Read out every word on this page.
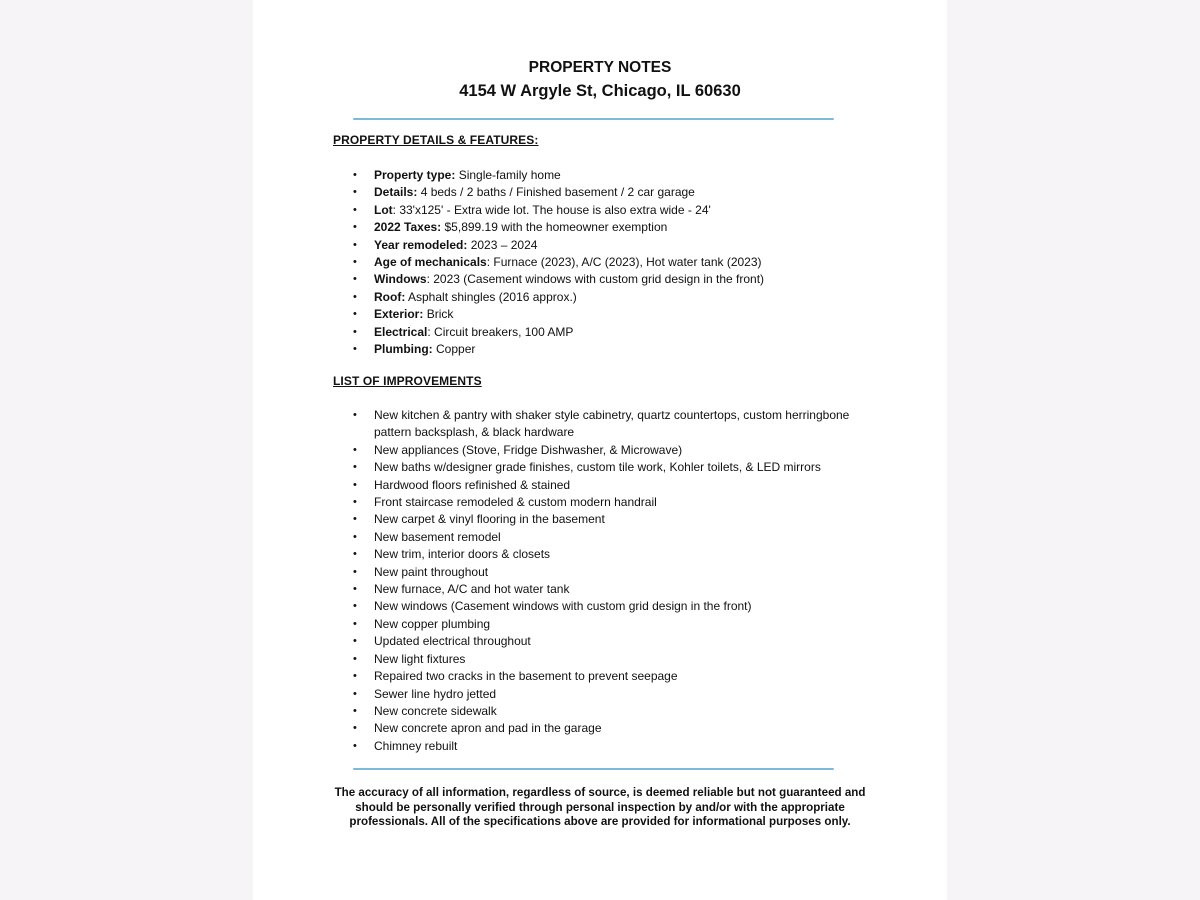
PROPERTY NOTES
4154 W Argyle St, Chicago, IL 60630
PROPERTY DETAILS & FEATURES:
• Property type: Single-family home
• Details: 4 beds / 2 baths / Finished basement / 2 car garage
• Lot: 33'x125' - Extra wide lot. The house is also extra wide - 24'
• 2022 Taxes: $5,899.19 with the homeowner exemption
• Year remodeled: 2023 – 2024
• Age of mechanicals: Furnace (2023), A/C (2023), Hot water tank (2023)
• Windows: 2023 (Casement windows with custom grid design in the front)
• Roof: Asphalt shingles (2016 approx.)
• Exterior: Brick
• Electrical: Circuit breakers, 100 AMP
• Plumbing: Copper
LIST OF IMPROVEMENTS
• New kitchen & pantry with shaker style cabinetry, quartz countertops, custom herringbone pattern backsplash, & black hardware
• New appliances (Stove, Fridge Dishwasher, & Microwave)
• New baths w/designer grade finishes, custom tile work, Kohler toilets, & LED mirrors
• Hardwood floors refinished & stained
• Front staircase remodeled & custom modern handrail
• New carpet & vinyl flooring in the basement
• New basement remodel
• New trim, interior doors & closets
• New paint throughout
• New furnace, A/C and hot water tank
• New windows (Casement windows with custom grid design in the front)
• New copper plumbing
• Updated electrical throughout
• New light fixtures
• Repaired two cracks in the basement to prevent seepage
• Sewer line hydro jetted
• New concrete sidewalk
• New concrete apron and pad in the garage
• Chimney rebuilt
The accuracy of all information, regardless of source, is deemed reliable but not guaranteed and should be personally verified through personal inspection by and/or with the appropriate professionals. All of the specifications above are provided for informational purposes only.
